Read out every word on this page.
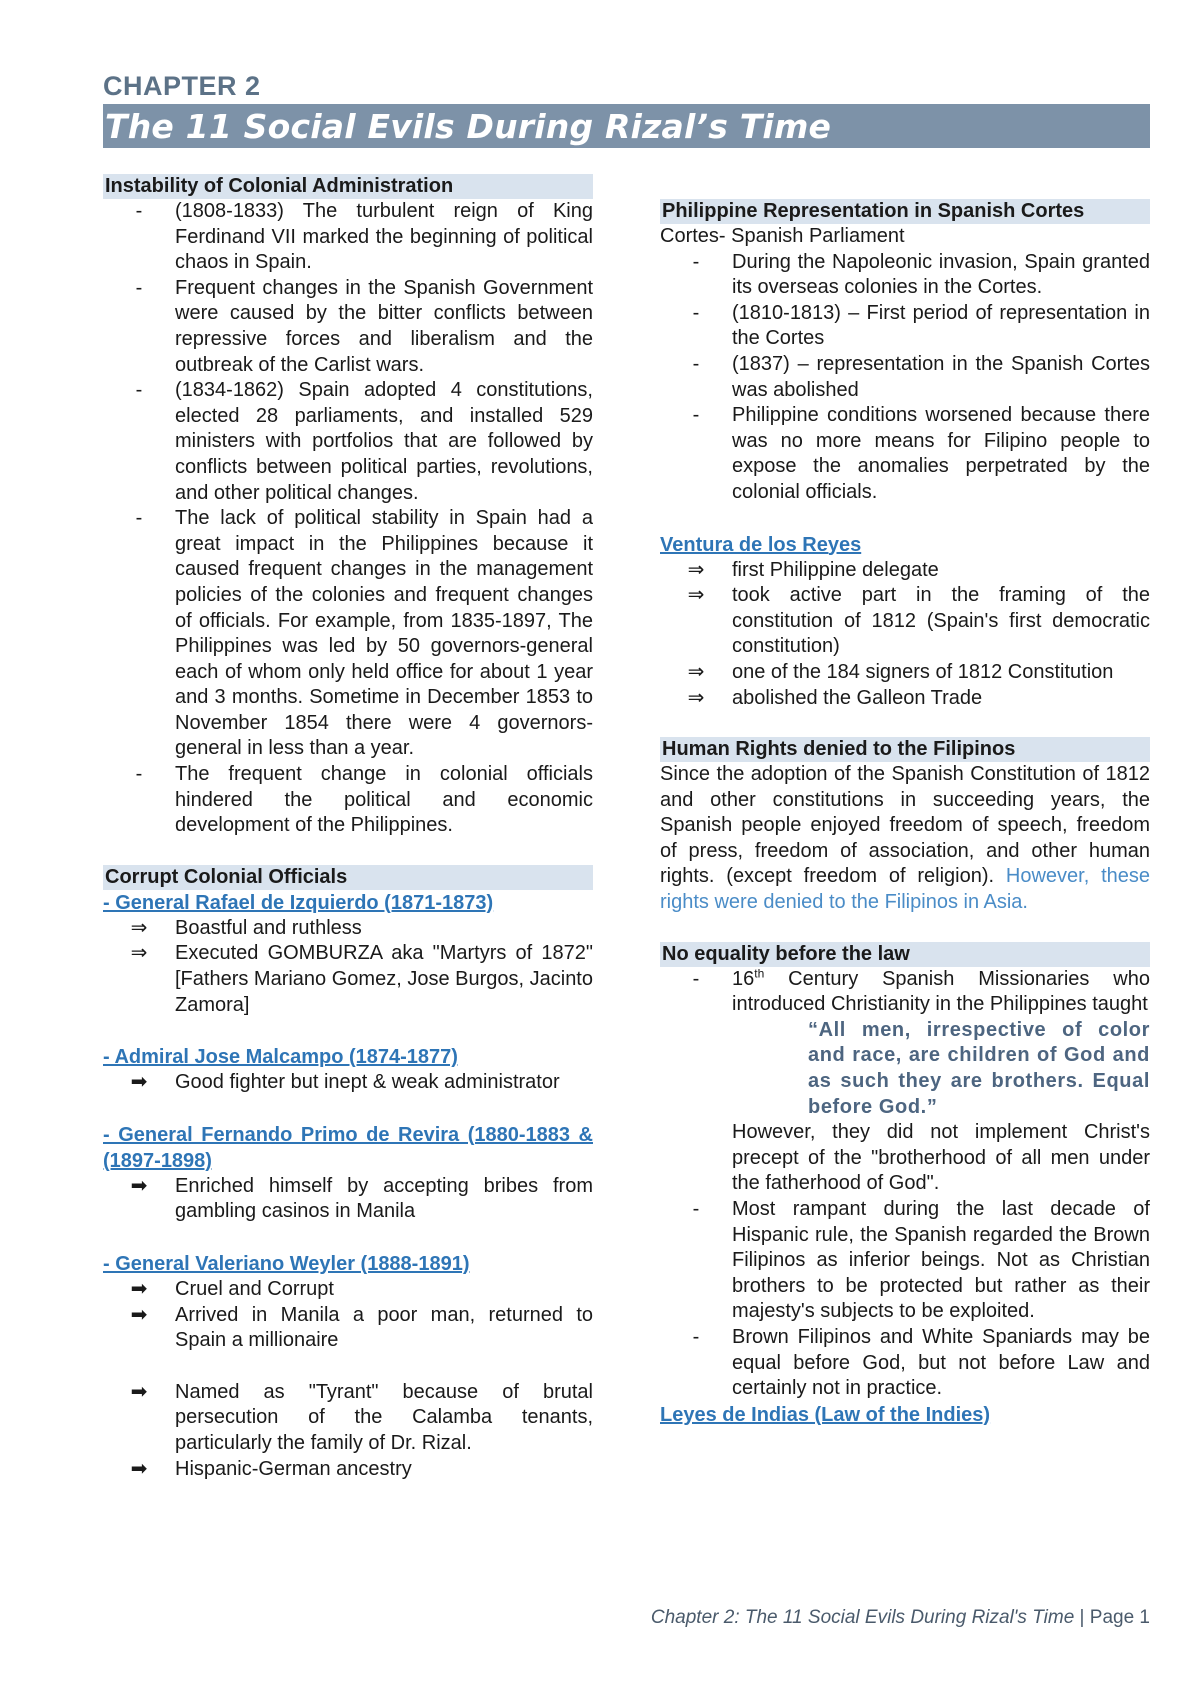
CHAPTER 2
The 11 Social Evils During Rizal’s Time
Instability of Colonial Administration
-	(1808-1833) The turbulent reign of King Ferdinand VII marked the beginning of political chaos in Spain.
-	Frequent changes in the Spanish Government were caused by the bitter conflicts between repressive forces and liberalism and the outbreak of the Carlist wars.
-	(1834-1862) Spain adopted 4 constitutions, elected 28 parliaments, and installed 529 ministers with portfolios that are followed by conflicts between political parties, revolutions, and other political changes.
-	The lack of political stability in Spain had a great impact in the Philippines because it caused frequent changes in the management policies of the colonies and frequent changes of officials. For example, from 1835-1897, The Philippines was led by 50 governors-general each of whom only held office for about 1 year and 3 months. Sometime in December 1853 to November 1854 there were 4 governors-general in less than a year.
-	The frequent change in colonial officials hindered the political and economic development of the Philippines.
Corrupt Colonial Officials
- General Rafael de Izquierdo (1871-1873)
⇒	Boastful and ruthless
⇒	Executed GOMBURZA aka "Martyrs of 1872" [Fathers Mariano Gomez, Jose Burgos, Jacinto Zamora]
- Admiral Jose Malcampo (1874-1877)
➡	Good fighter but inept & weak administrator
- General Fernando Primo de Revira (1880-1883 & (1897-1898)
➡	Enriched himself by accepting bribes from gambling casinos in Manila
- General Valeriano Weyler (1888-1891)
➡	Cruel and Corrupt
➡	Arrived in Manila a poor man, returned to Spain a millionaire
➡	Named as "Tyrant" because of brutal persecution of the Calamba tenants, particularly the family of Dr. Rizal.
➡	Hispanic-German ancestry
Philippine Representation in Spanish Cortes
Cortes- Spanish Parliament
-	During the Napoleonic invasion, Spain granted its overseas colonies in the Cortes.
-	(1810-1813) – First period of representation in the Cortes
-	(1837) – representation in the Spanish Cortes was abolished
-	Philippine conditions worsened because there was no more means for Filipino people to expose the anomalies perpetrated by the colonial officials.
Ventura de los Reyes
⇒	first Philippine delegate
⇒	took active part in the framing of the constitution of 1812 (Spain's first democratic constitution)
⇒	one of the 184 signers of 1812 Constitution
⇒	abolished the Galleon Trade
Human Rights denied to the Filipinos
Since the adoption of the Spanish Constitution of 1812 and other constitutions in succeeding years, the Spanish people enjoyed freedom of speech, freedom of press, freedom of association, and other human rights. (except freedom of religion). However, these rights were denied to the Filipinos in Asia.
No equality before the law
-	16th Century Spanish Missionaries who introduced Christianity in the Philippines taught
“All men, irrespective of color and race, are children of God and as such they are brothers. Equal before God.”
However, they did not implement Christ's precept of the "brotherhood of all men under the fatherhood of God".
-	Most rampant during the last decade of Hispanic rule, the Spanish regarded the Brown Filipinos as inferior beings. Not as Christian brothers to be protected but rather as their majesty's subjects to be exploited.
-	Brown Filipinos and White Spaniards may be equal before God, but not before Law and certainly not in practice.
Leyes de Indias (Law of the Indies)
Chapter 2: The 11 Social Evils During Rizal's Time | Page 1
